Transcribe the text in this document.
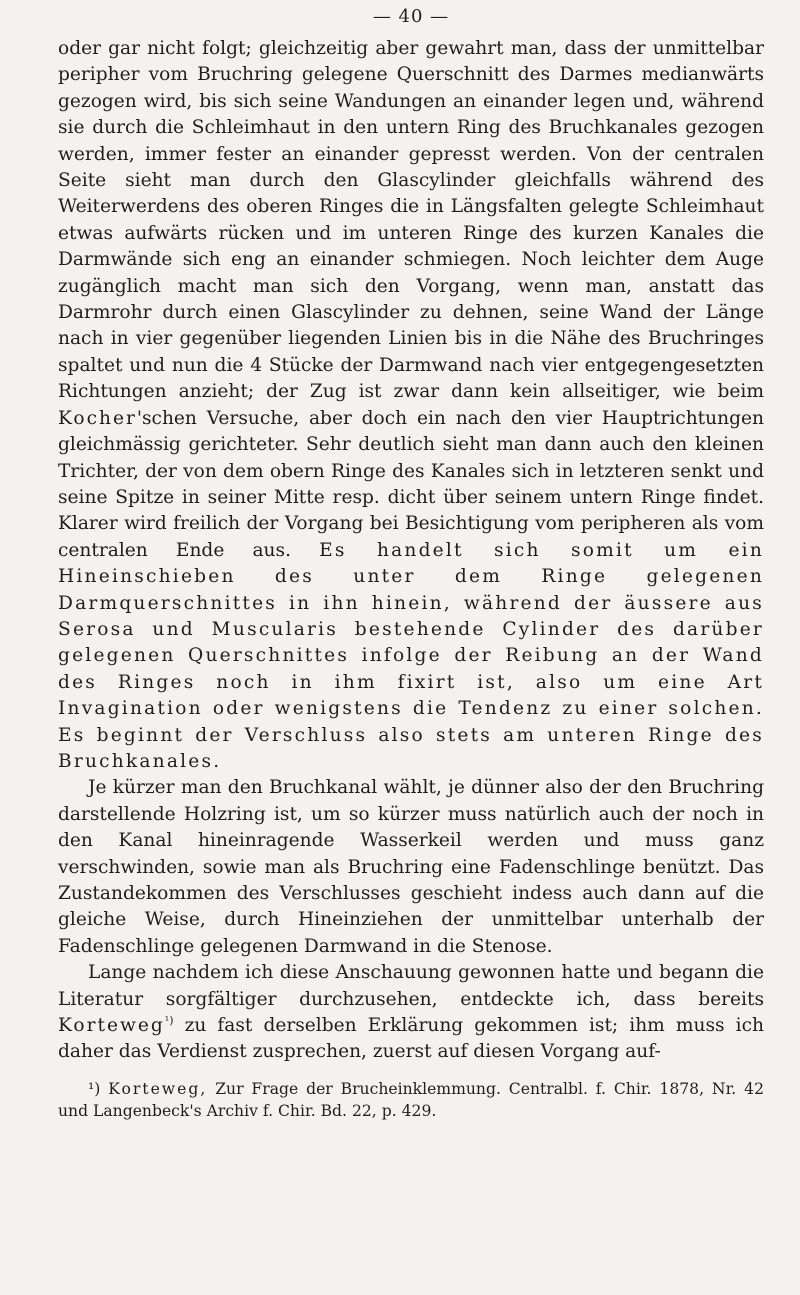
— 40 —

oder gar nicht folgt; gleichzeitig aber gewahrt man, dass der unmittelbar peripher vom Bruchring gelegene Querschnitt des Darmes medianwärts gezogen wird, bis sich seine Wandungen an einander legen und, während sie durch die Schleimhaut in den untern Ring des Bruchkanales gezogen werden, immer fester an einander gepresst werden. Von der centralen Seite sieht man durch den Glascylinder gleichfalls während des Weiterwerdens des oberen Ringes die in Längsfalten gelegte Schleimhaut etwas aufwärts rücken und im unteren Ringe des kurzen Kanales die Darmwände sich eng an einander schmiegen. Noch leichter dem Auge zugänglich macht man sich den Vorgang, wenn man, anstatt das Darmrohr durch einen Glascylinder zu dehnen, seine Wand der Länge nach in vier gegenüber liegenden Linien bis in die Nähe des Bruchringes spaltet und nun die 4 Stücke der Darmwand nach vier entgegengesetzten Richtungen anzieht; der Zug ist zwar dann kein allseitiger, wie beim Kocher'schen Versuche, aber doch ein nach den vier Hauptrichtungen gleichmässig gerichteter. Sehr deutlich sieht man dann auch den kleinen Trichter, der von dem obern Ringe des Kanales sich in letzteren senkt und seine Spitze in seiner Mitte resp. dicht über seinem untern Ringe findet. Klarer wird freilich der Vorgang bei Besichtigung vom peripheren als vom centralen Ende aus. Es handelt sich somit um ein Hineinschieben des unter dem Ringe gelegenen Darmquerschnittes in ihn hinein, während der äussere aus Serosa und Muscularis bestehende Cylinder des darüber gelegenen Querschnittes infolge der Reibung an der Wand des Ringes noch in ihm fixirt ist, also um eine Art Invagination oder wenigstens die Tendenz zu einer solchen. Es beginnt der Verschluss also stets am unteren Ringe des Bruchkanales.

Je kürzer man den Bruchkanal wählt, je dünner also der den Bruchring darstellende Holzring ist, um so kürzer muss natürlich auch der noch in den Kanal hineinragende Wasserkeil werden und muss ganz verschwinden, sowie man als Bruchring eine Fadenschlinge benützt. Das Zustandekommen des Verschlusses geschieht indess auch dann auf die gleiche Weise, durch Hineinziehen der unmittelbar unterhalb der Fadenschlinge gelegenen Darmwand in die Stenose.

Lange nachdem ich diese Anschauung gewonnen hatte und begann die Literatur sorgfältiger durchzusehen, entdeckte ich, dass bereits Korteweg$^{^1)}$ zu fast derselben Erklärung gekommen ist; ihm muss ich daher das Verdienst zusprechen, zuerst auf diesen Vorgang auf-

¹) Korteweg, Zur Frage der Brucheinklemmung. Centralbl. f. Chir. 1878, Nr. 42 und Langenbeck's Archiv f. Chir. Bd. 22, p. 429.
